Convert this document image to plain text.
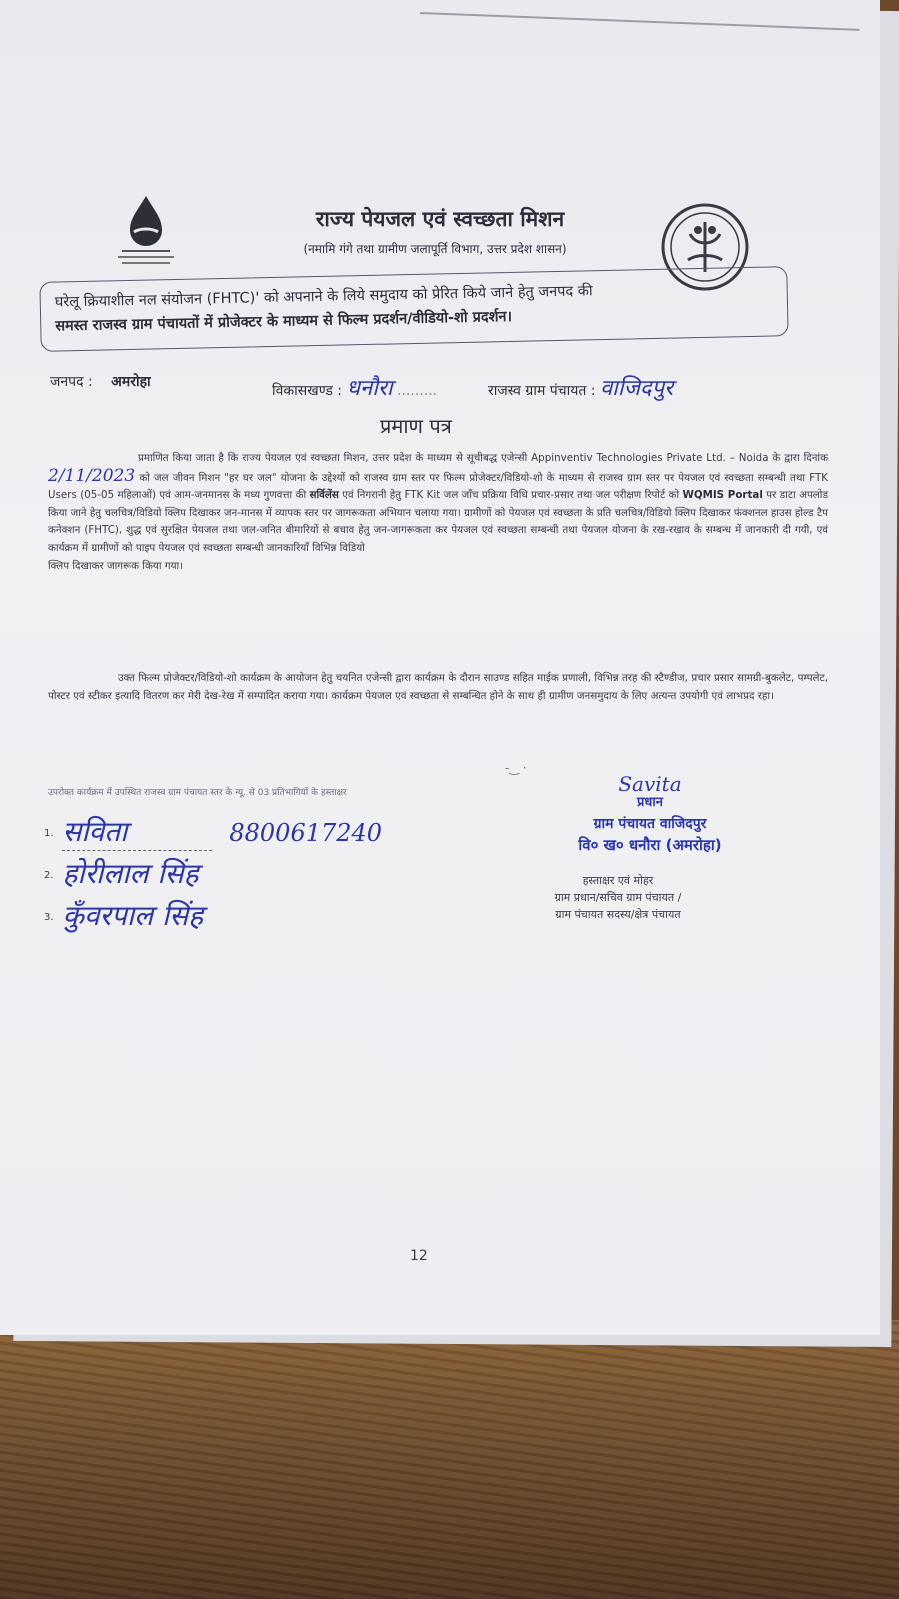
राज्य पेयजल एवं स्वच्छता मिशन
(नमामि गंगे तथा ग्रामीण जलापूर्ति विभाग, उत्तर प्रदेश शासन)
घरेलू क्रियाशील नल संयोजन (FHTC)' को अपनाने के लिये समुदाय को प्रेरित किये जाने हेतु जनपद की
समस्त राजस्व ग्राम पंचायतों में प्रोजेक्टर के माध्यम से फिल्म प्रदर्शन/वीडियो-शो प्रदर्शन।
जनपद : अमरोहा
विकासखण्ड : धनौरा .........	राजस्व ग्राम पंचायत : वाजिदपुर
प्रमाण पत्र
प्रमाणित किया जाता है कि राज्य पेयजल एवं स्वच्छता मिशन, उत्तर प्रदेश के माध्यम से सूचीबद्ध एजेन्सी Appinventiv Technologies Private Ltd. – Noida के द्वारा दिनांक 2/11/2023 को जल जीवन मिशन "हर घर जल" योजना के उद्देश्यों को राजस्व ग्राम स्तर पर फिल्म प्रोजेक्टर/विडियो-शो के माध्यम से राजस्व ग्राम स्तर पर पेयजल एवं स्वच्छता सम्बन्धी तथा FTK Users (05-05 महिलाओं) एवं आम-जनमानस के मध्य गुणवत्ता की सर्विलेंस एवं निगरानी हेतु FTK Kit जल जाँच प्रक्रिया विधि प्रचार-प्रसार तथा जल परीक्षण रिपोर्ट को WQMIS Portal पर डाटा अपलोड किया जाने हेतु चलचित्र/विडियो क्लिप दिखाकर जन-मानस में व्यापक स्तर पर जागरूकता अभियान चलाया गया। ग्रामीणों को पेयजल एवं स्वच्छता के प्रति चलचित्र/विडियो क्लिप दिखाकर फंक्शनल हाउस होल्ड टैप कनेक्शन (FHTC), शुद्ध एवं सुरक्षित पेयजल तथा जल-जनित बीमारियों से बचाव हेतु जन-जागरूकता कर पेयजल एवं स्वच्छता सम्बन्धी तथा पेयजल योजना के रख-रखाव के सम्बन्ध में जानकारी दी गयी, एवं कार्यक्रम में ग्रामीणों को पाइप पेयजल एवं स्वच्छता सम्बन्धी जानकारियाँ विभिन्न विडियो
क्लिप दिखाकर जागरूक किया गया।
उक्त फिल्म प्रोजेक्टर/विडियो-शो कार्यक्रम के आयोजन हेतु चयनित एजेन्सी द्वारा कार्यक्रम के दौरान साउण्ड सहित माईक प्रणाली, विभिन्न तरह की स्टैण्डीज, प्रचार प्रसार सामग्री-बुकलेट, पम्पलेट, पोस्टर एवं स्टीकर इत्यादि वितरण कर मेरी देख-रेख में सम्पादित कराया गया। कार्यक्रम पेयजल एवं स्वच्छता से सम्बन्धित होने के साथ ही ग्रामीण जनसमुदाय के लिए अत्यन्त उपयोगी एवं लाभप्रद रहा।
-‿ ·
उपरोक्त कार्यक्रम में उपस्थित राजस्व ग्राम पंचायत स्तर के न्यू. से 03 प्रतिभागियों के हस्ताक्षर
1. सविता	8800617240
2. होरीलाल सिंह
3. कुँवरपाल सिंह
Savita
प्रधान
ग्राम पंचायत वाजिदपुर
वि० ख० धनौरा (अमरोहा)
हस्ताक्षर एवं मोहर
ग्राम प्रधान/सचिव ग्राम पंचायत /
ग्राम पंचायत सदस्य/क्षेत्र पंचायत
12
